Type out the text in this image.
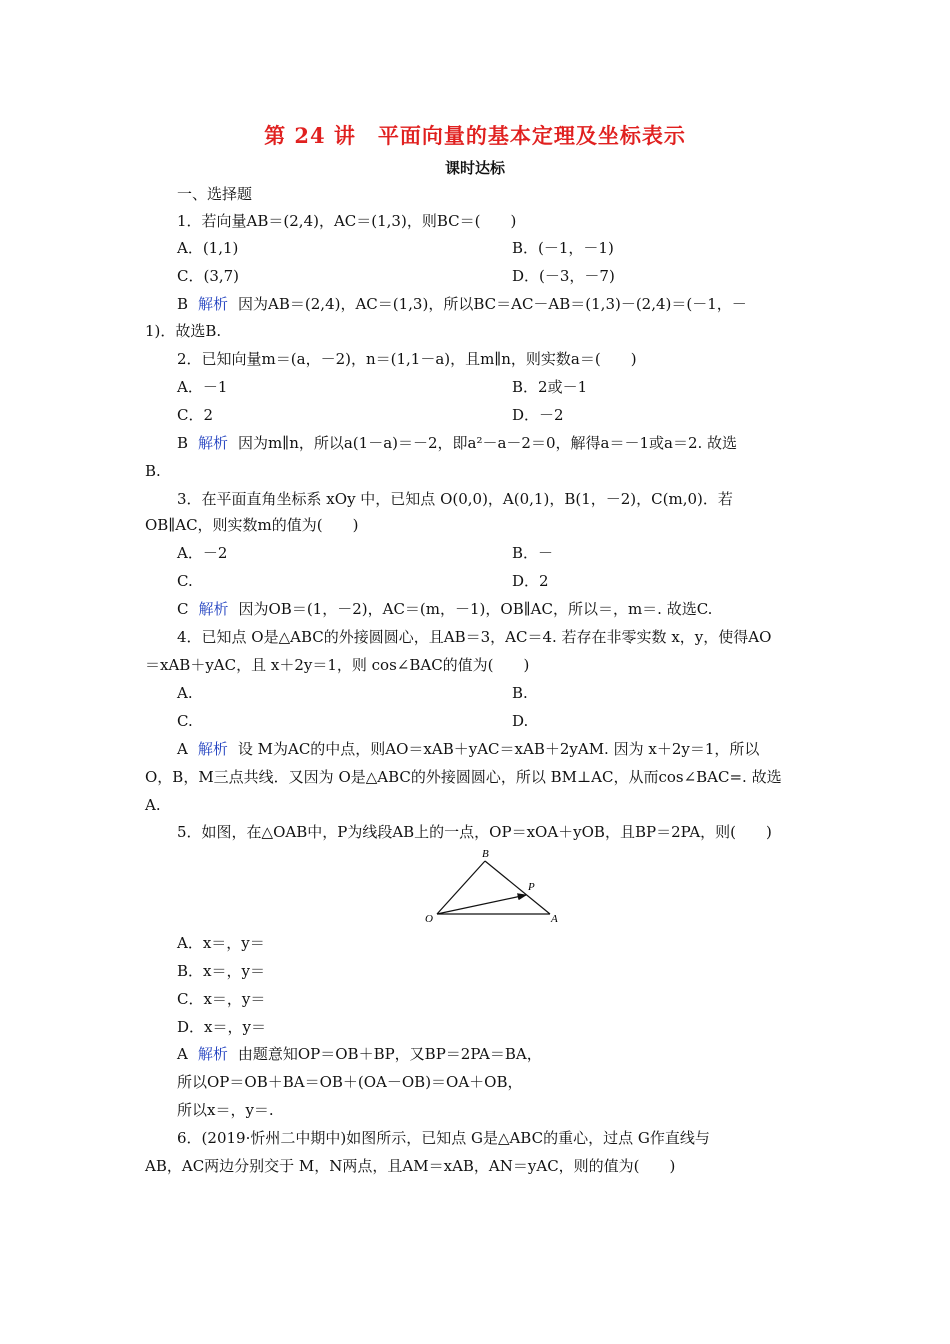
第 24 讲　平面向量的基本定理及坐标表示
课时达标
一、选择题
1．若向量AB＝(2,4)，AC＝(1,3)，则BC＝(　　)
A．(1,1)	B．(－1，－1)
C．(3,7)	D．(－3，－7)
B 解析 因为AB＝(2,4)，AC＝(1,3)，所以BC＝AC－AB＝(1,3)－(2,4)＝(－1，－
1)．故选B.
2．已知向量m＝(a，－2)，n＝(1,1－a)，且m∥n，则实数a＝(　　)
A．－1	B．2或－1
C．2	D．－2
B 解析 因为m∥n，所以a(1－a)＝－2，即a²－a－2＝0，解得a＝－1或a＝2. 故选
B.
3．在平面直角坐标系 xOy 中，已知点 O(0,0)，A(0,1)，B(1，－2)，C(m,0)．若
OB∥AC，则实数m的值为(　　)
A．－2	B．－
C.	D．2
C 解析 因为OB＝(1，－2)，AC＝(m，－1)，OB∥AC，所以＝，m＝. 故选C.
4．已知点 O是△ABC的外接圆圆心，且AB＝3，AC＝4. 若存在非零实数 x，y，使得AO
＝xAB＋yAC，且 x＋2y＝1，则 cos∠BAC的值为(　　)
A.	B.
C.	D.
A 解析 设 M为AC的中点，则AO＝xAB＋yAC＝xAB＋2yAM. 因为 x＋2y＝1，所以
O，B，M三点共线．又因为 O是△ABC的外接圆圆心，所以 BM⊥AC，从而cos∠BAC=. 故选
A.
5．如图，在△OAB中，P为线段AB上的一点，OP＝xOA＋yOB，且BP＝2PA，则(　　)
B
P
O	A
A．x＝，y＝
B．x＝，y＝
C．x＝，y＝
D．x＝，y＝
A 解析 由题意知OP＝OB＋BP，又BP＝2PA＝BA，
所以OP＝OB＋BA＝OB＋(OA－OB)＝OA＋OB，
所以x＝，y＝.
6．(2019·忻州二中期中)如图所示，已知点 G是△ABC的重心，过点 G作直线与
AB，AC两边分别交于 M，N两点，且AM＝xAB，AN＝yAC，则的值为(　　)
